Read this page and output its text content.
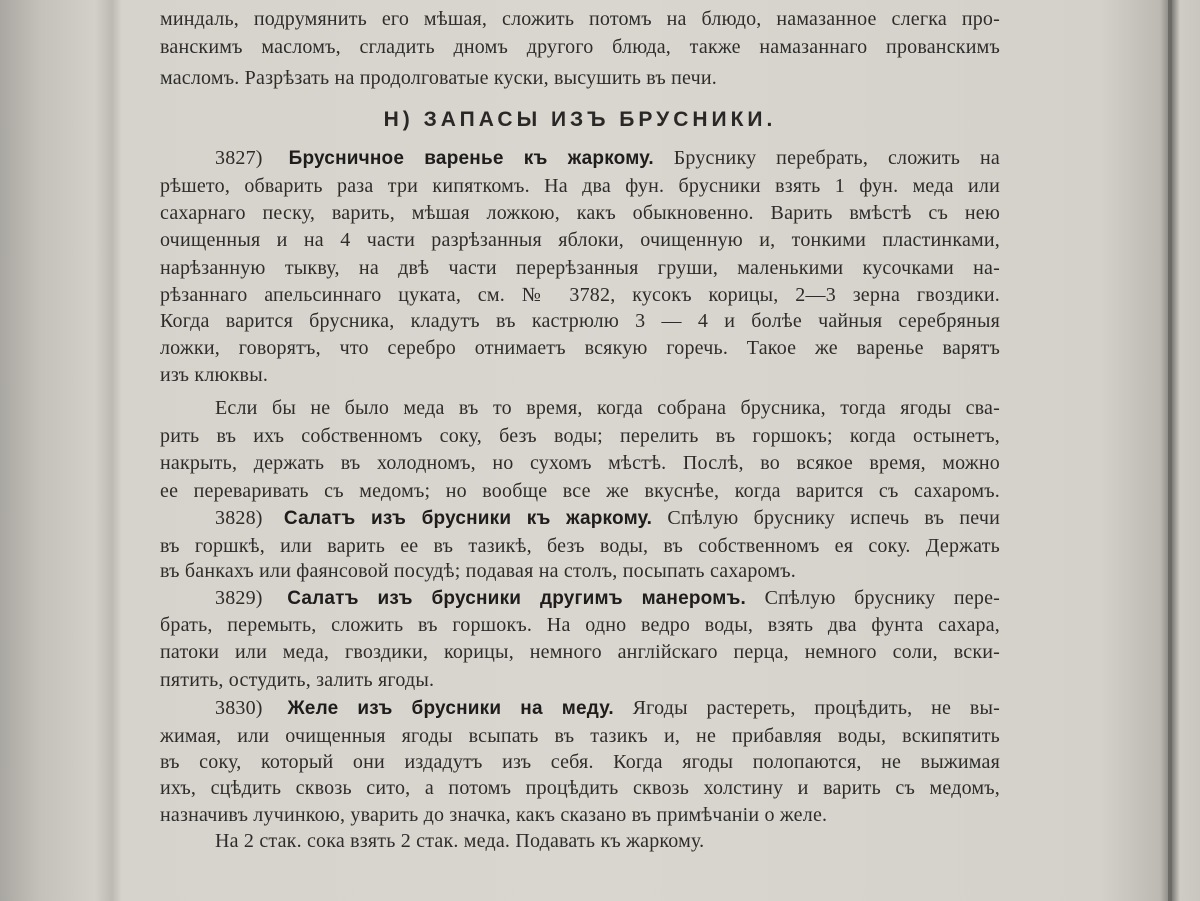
Н) ЗАПАСЫ ИЗЪ БРУСНИКИ.
миндаль, подрумянить его мѣшая, сложить потомъ на блюдо, намазанное слегка про-
ванскимъ масломъ, сгладить дномъ другого блюда, также намазаннаго прованскимъ
масломъ. Разрѣзать на продолговатые куски, высушить въ печи.
3827) Брусничное варенье къ жаркому. Бруснику перебрать, сложить на
рѣшето, обварить раза три кипяткомъ. На два фун. брусники взять 1 фун. меда или
сахарнаго песку, варить, мѣшая ложкою, какъ обыкновенно. Варить вмѣстѣ съ нею
очищенныя и на 4 части разрѣзанныя яблоки, очищенную и, тонкими пластинками,
нарѣзанную тыкву, на двѣ части перерѣзанныя груши, маленькими кусочками на-
рѣзаннаго апельсиннаго цуката, см. № 3782, кусокъ корицы, 2—3 зерна гвоздики.
Когда варится брусника, кладутъ въ кастрюлю 3 — 4 и болѣе чайныя серебряныя
ложки, говорятъ, что серебро отнимаетъ всякую горечь. Такое же варенье варятъ
изъ клюквы.
Если бы не было меда въ то время, когда собрана брусника, тогда ягоды сва-
рить въ ихъ собственномъ соку, безъ воды; перелить въ горшокъ; когда остынетъ,
накрыть, держать въ холодномъ, но сухомъ мѣстѣ. Послѣ, во всякое время, можно
ее переваривать съ медомъ; но вообще все же вкуснѣе, когда варится съ сахаромъ.
3828) Салатъ изъ брусники къ жаркому. Спѣлую бруснику испечь въ печи
въ горшкѣ, или варить ее въ тазикѣ, безъ воды, въ собственномъ ея соку. Держать
въ банкахъ или фаянсовой посудѣ; подавая на столъ, посыпать сахаромъ.
3829) Салатъ изъ брусники другимъ манеромъ. Спѣлую бруснику пере-
брать, перемыть, сложить въ горшокъ. На одно ведро воды, взять два фунта сахара,
патоки или меда, гвоздики, корицы, немного англійскаго перца, немного соли, вски-
пятить, остудить, залить ягоды.
3830) Желе изъ брусники на меду. Ягоды растереть, процѣдить, не вы-
жимая, или очищенныя ягоды всыпать въ тазикъ и, не прибавляя воды, вскипятить
въ соку, который они издадутъ изъ себя. Когда ягоды полопаются, не выжимая
ихъ, сцѣдить сквозь сито, а потомъ процѣдить сквозь холстину и варить съ медомъ,
назначивъ лучинкою, уварить до значка, какъ сказано въ примѣчаніи о желе.
На 2 стак. сока взять 2 стак. меда. Подавать къ жаркому.
